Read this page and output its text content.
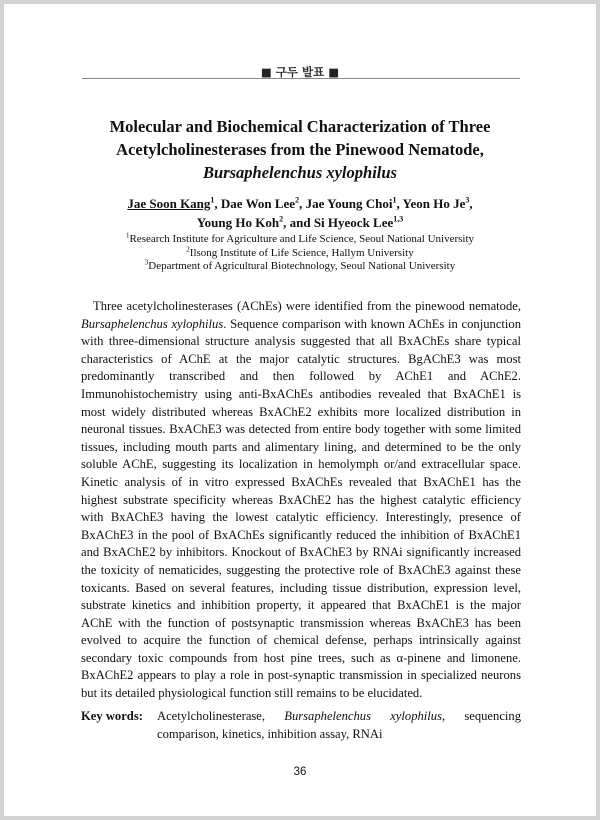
■ 구두 발표 ■
Molecular and Biochemical Characterization of Three
Acetylcholinesterases from the Pinewood Nematode,
Bursaphelenchus xylophilus
Jae Soon Kang$^1$, Dae Won Lee$^2$, Jae Young Choi$^1$, Yeon Ho Je$^3$,
Young Ho Koh$^2$, and Si Hyeock Lee$^{1,3}$
$^1$Research Institute for Agriculture and Life Science, Seoul National University
$^2$Ilsong Institute of Life Science, Hallym University
$^3$Department of Agricultural Biotechnology, Seoul National University

Three acetylcholinesterases (AChEs) were identified from the pinewood nematode, Bursaphelenchus xylophilus. Sequence comparison with known AChEs in conjunction with three-dimensional structure analysis suggested that all BxAChEs share typical characteristics of AChE at the major catalytic structures. BgAChE3 was most predominantly transcribed and then followed by AChE1 and AChE2. Immunohistochemistry using anti-BxAChEs antibodies revealed that BxAChE1 is most widely distributed whereas BxAChE2 exhibits more localized distribution in neuronal tissues. BxAChE3 was detected from entire body together with some limited tissues, including mouth parts and alimentary lining, and determined to be the only soluble AChE, suggesting its localization in hemolymph or/and extracellular space. Kinetic analysis of in vitro expressed BxAChEs revealed that BxAChE1 has the highest substrate specificity whereas BxAChE2 has the highest catalytic efficiency with BxAChE3 having the lowest catalytic efficiency. Interestingly, presence of BxAChE3 in the pool of BxAChEs significantly reduced the inhibition of BxAChE1 and BxAChE2 by inhibitors. Knockout of BxAChE3 by RNAi significantly increased the toxicity of nematicides, suggesting the protective role of BxAChE3 against these toxicants. Based on several features, including tissue distribution, expression level, substrate kinetics and inhibition property, it appeared that BxAChE1 is the major AChE with the function of postsynaptic transmission whereas BxAChE3 has been evolved to acquire the function of chemical defense, perhaps intrinsically against secondary toxic compounds from host pine trees, such as α-pinene and limonene. BxAChE2 appears to play a role in post-synaptic transmission in specialized neurons but its detailed physiological function still remains to be elucidated.

Key words:	Acetylcholinesterase, Bursaphelenchus xylophilus, sequencing comparison, kinetics, inhibition assay, RNAi
36
